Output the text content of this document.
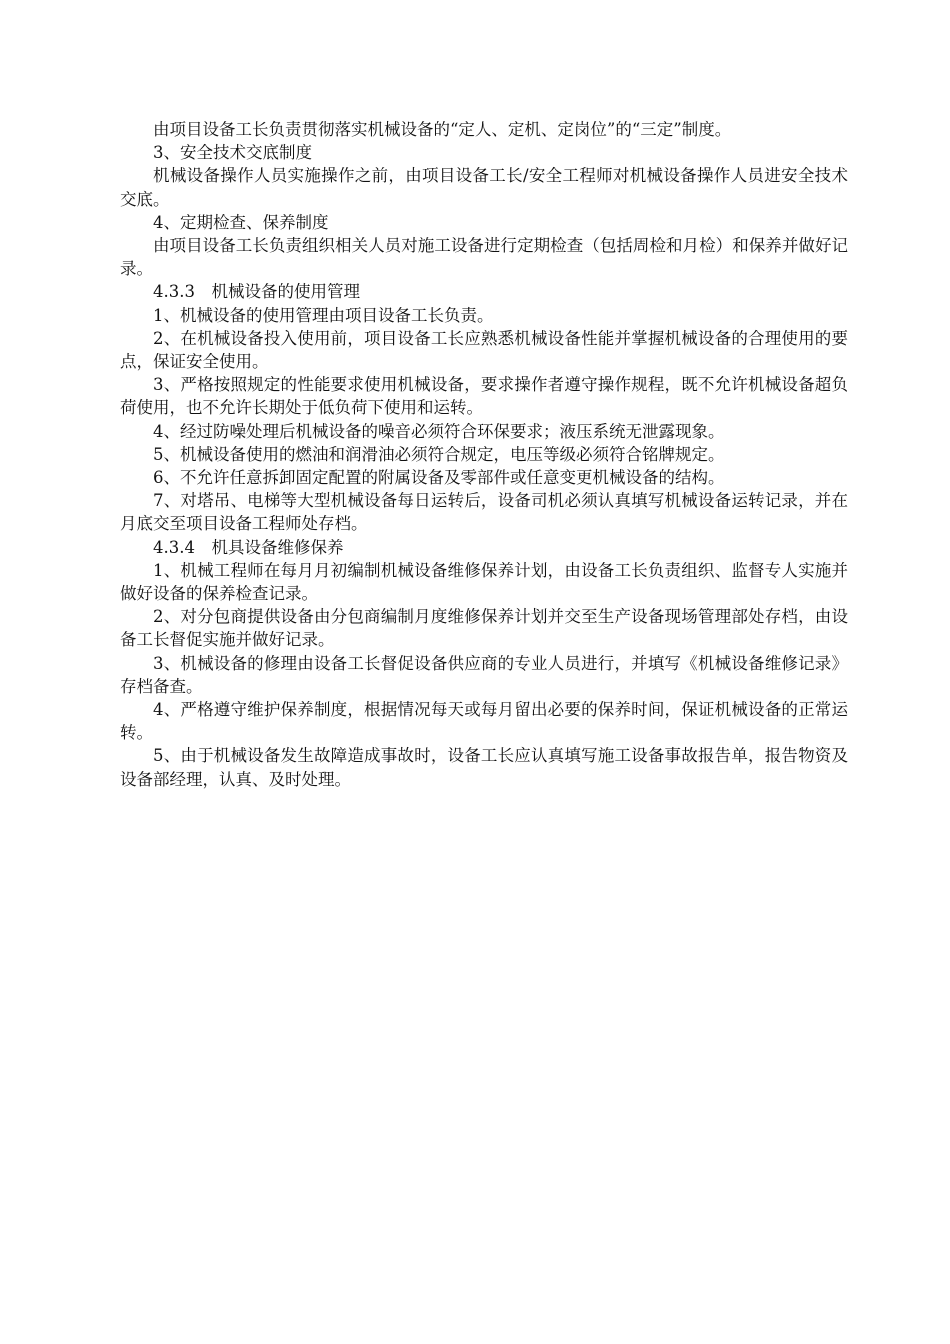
由项目设备工长负责贯彻落实机械设备的“定人、定机、定岗位”的“三定”制度。

3、安全技术交底制度

机械设备操作人员实施操作之前，由项目设备工长/安全工程师对机械设备操作人员进安全技术交底。

4、定期检查、保养制度

由项目设备工长负责组织相关人员对施工设备进行定期检查（包括周检和月检）和保养并做好记录。

4.3.3　机械设备的使用管理

1、机械设备的使用管理由项目设备工长负责。

2、在机械设备投入使用前，项目设备工长应熟悉机械设备性能并掌握机械设备的合理使用的要点，保证安全使用。

3、严格按照规定的性能要求使用机械设备，要求操作者遵守操作规程，既不允许机械设备超负荷使用，也不允许长期处于低负荷下使用和运转。

4、经过防噪处理后机械设备的噪音必须符合环保要求；液压系统无泄露现象。

5、机械设备使用的燃油和润滑油必须符合规定，电压等级必须符合铭牌规定。

6、不允许任意拆卸固定配置的附属设备及零部件或任意变更机械设备的结构。

7、对塔吊、电梯等大型机械设备每日运转后，设备司机必须认真填写机械设备运转记录，并在月底交至项目设备工程师处存档。

4.3.4　机具设备维修保养

1、机械工程师在每月月初编制机械设备维修保养计划，由设备工长负责组织、监督专人实施并做好设备的保养检查记录。

2、对分包商提供设备由分包商编制月度维修保养计划并交至生产设备现场管理部处存档，由设备工长督促实施并做好记录。

3、机械设备的修理由设备工长督促设备供应商的专业人员进行，并填写《机械设备维修记录》存档备查。

4、严格遵守维护保养制度，根据情况每天或每月留出必要的保养时间，保证机械设备的正常运转。

5、由于机械设备发生故障造成事故时，设备工长应认真填写施工设备事故报告单，报告物资及设备部经理，认真、及时处理。
